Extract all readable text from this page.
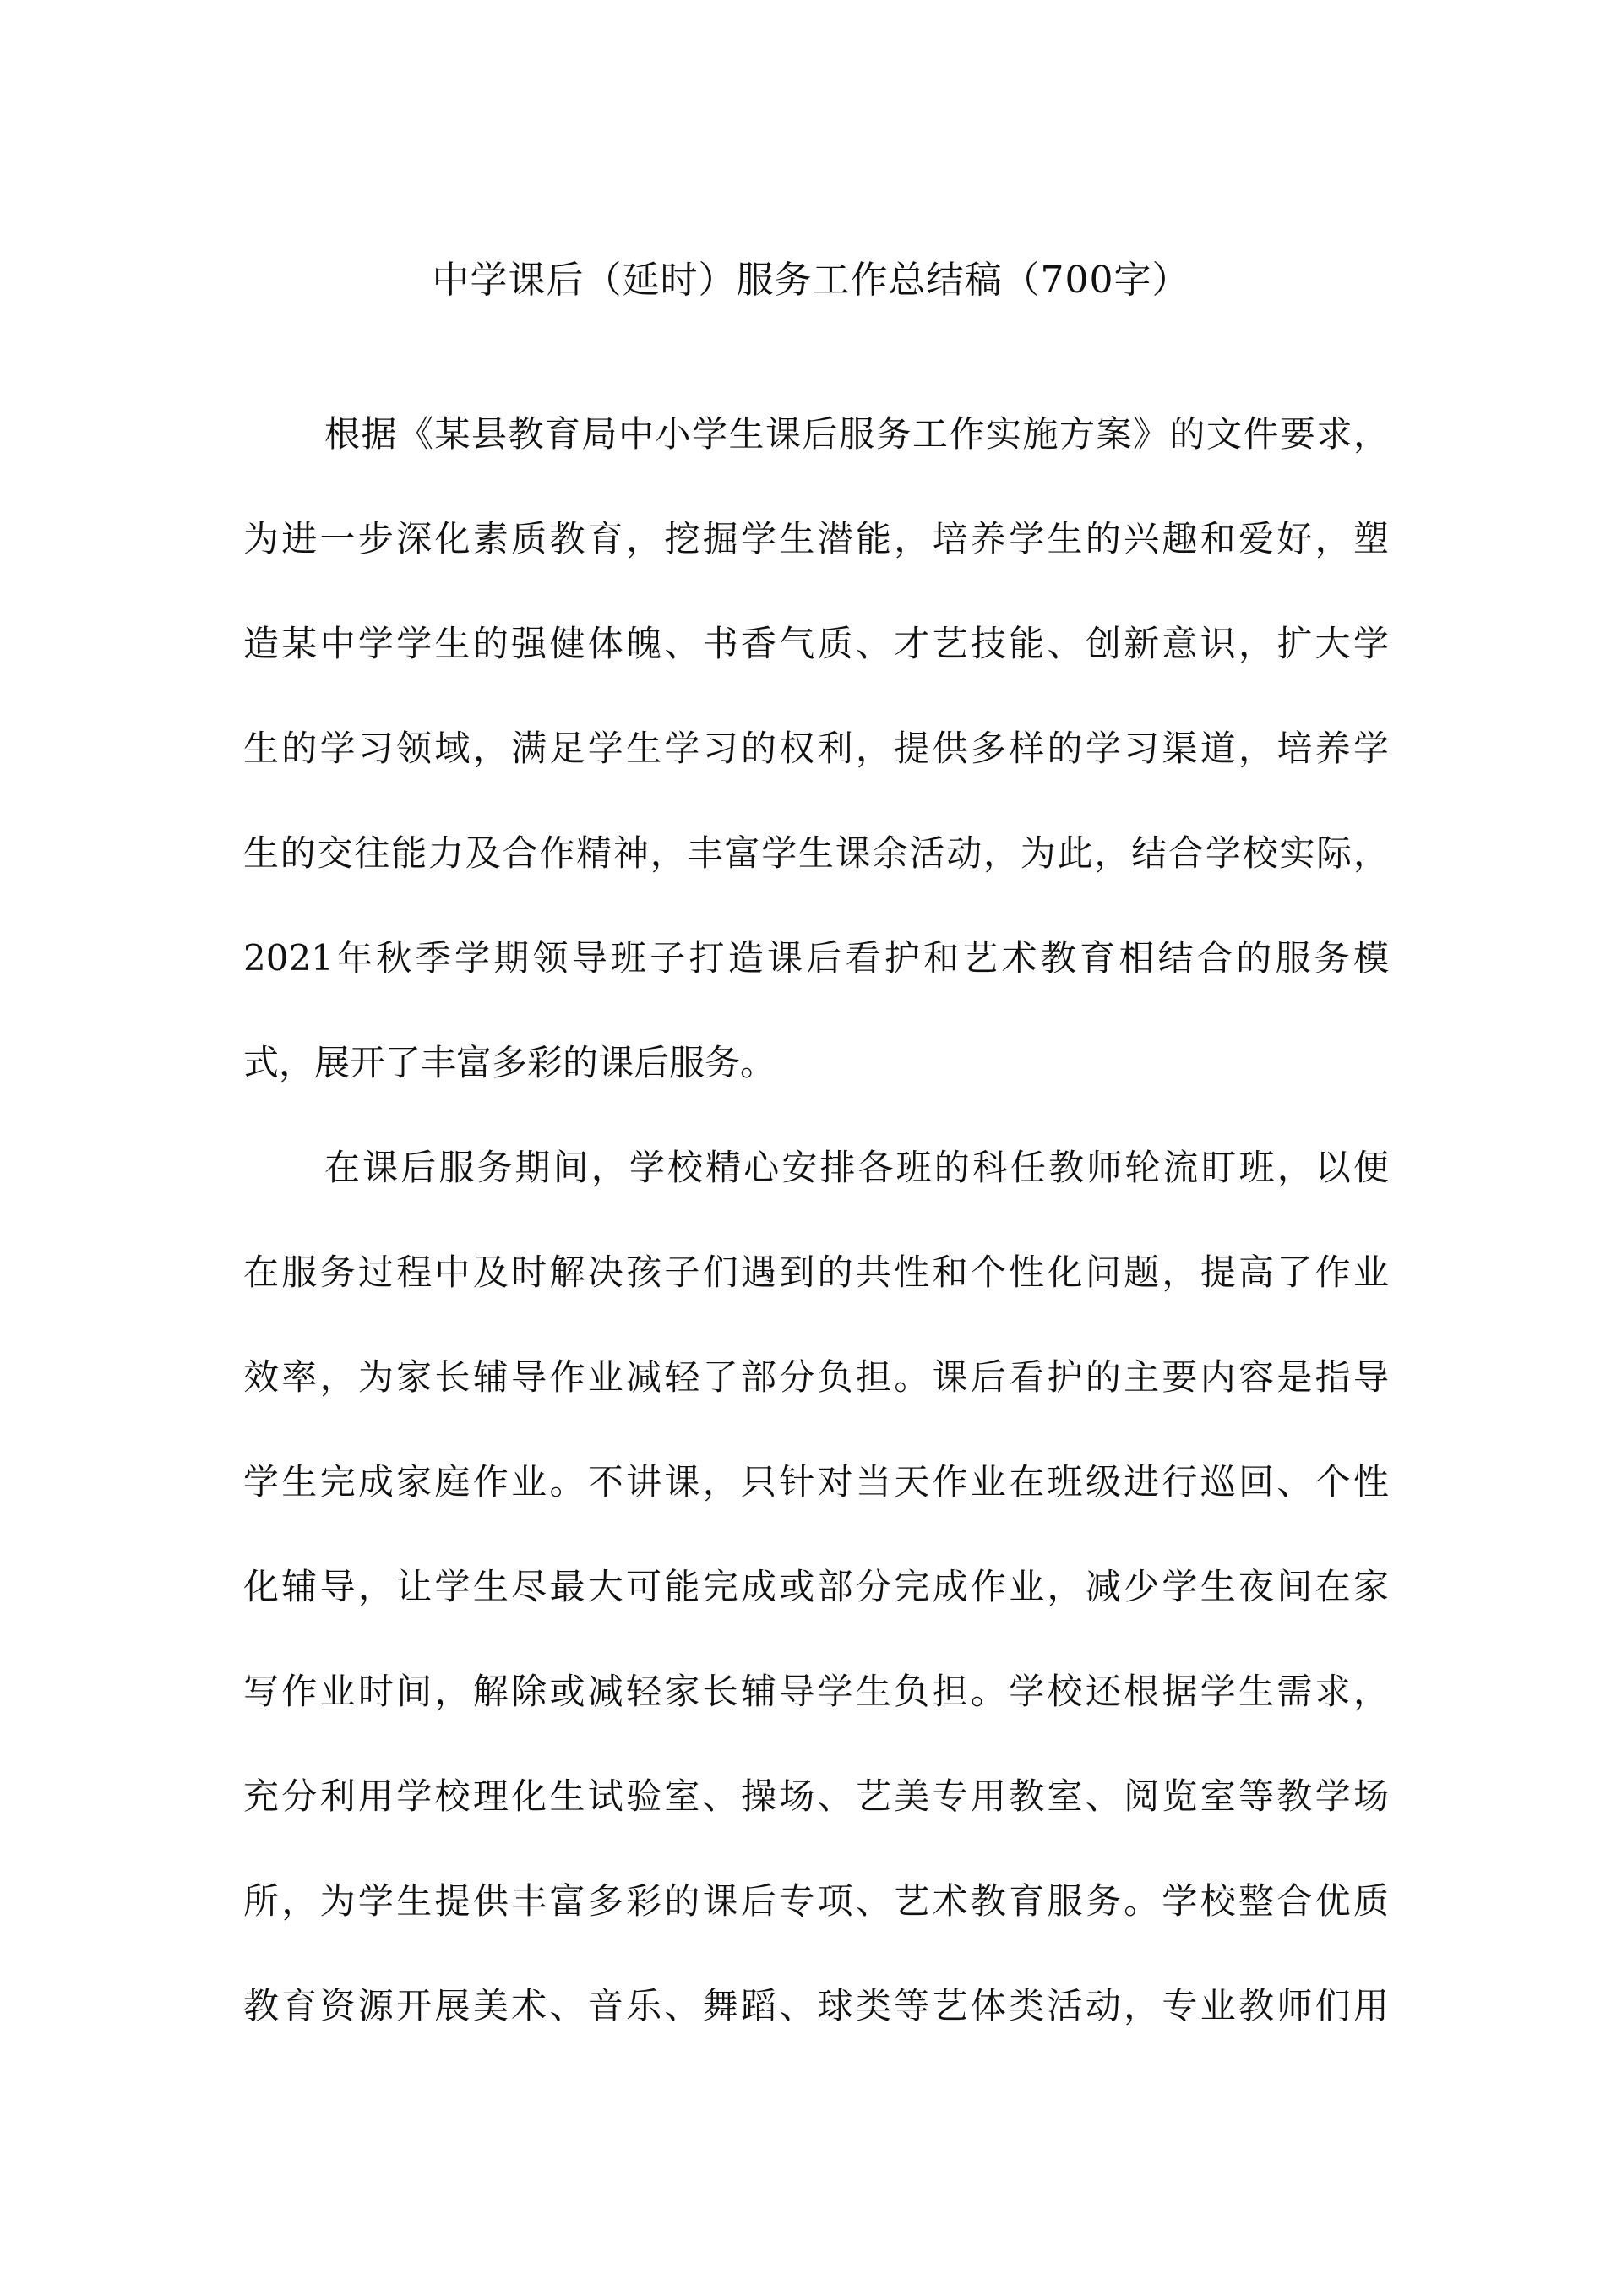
中学课后（延时）服务工作总结稿（700字）
根据《某县教育局中小学生课后服务工作实施方案》的文件要求，
为进一步深化素质教育，挖掘学生潜能，培养学生的兴趣和爱好，塑
造某中学学生的强健体魄、书香气质、才艺技能、创新意识，扩大学
生的学习领域，满足学生学习的权利，提供多样的学习渠道，培养学
生的交往能力及合作精神，丰富学生课余活动，为此，结合学校实际，
2021年秋季学期领导班子打造课后看护和艺术教育相结合的服务模
式，展开了丰富多彩的课后服务。
在课后服务期间，学校精心安排各班的科任教师轮流盯班，以便
在服务过程中及时解决孩子们遇到的共性和个性化问题，提高了作业
效率，为家长辅导作业减轻了部分负担。课后看护的主要内容是指导
学生完成家庭作业。不讲课，只针对当天作业在班级进行巡回、个性
化辅导，让学生尽最大可能完成或部分完成作业，减少学生夜间在家
写作业时间，解除或减轻家长辅导学生负担。学校还根据学生需求，
充分利用学校理化生试验室、操场、艺美专用教室、阅览室等教学场
所，为学生提供丰富多彩的课后专项、艺术教育服务。学校整合优质
教育资源开展美术、音乐、舞蹈、球类等艺体类活动，专业教师们用
